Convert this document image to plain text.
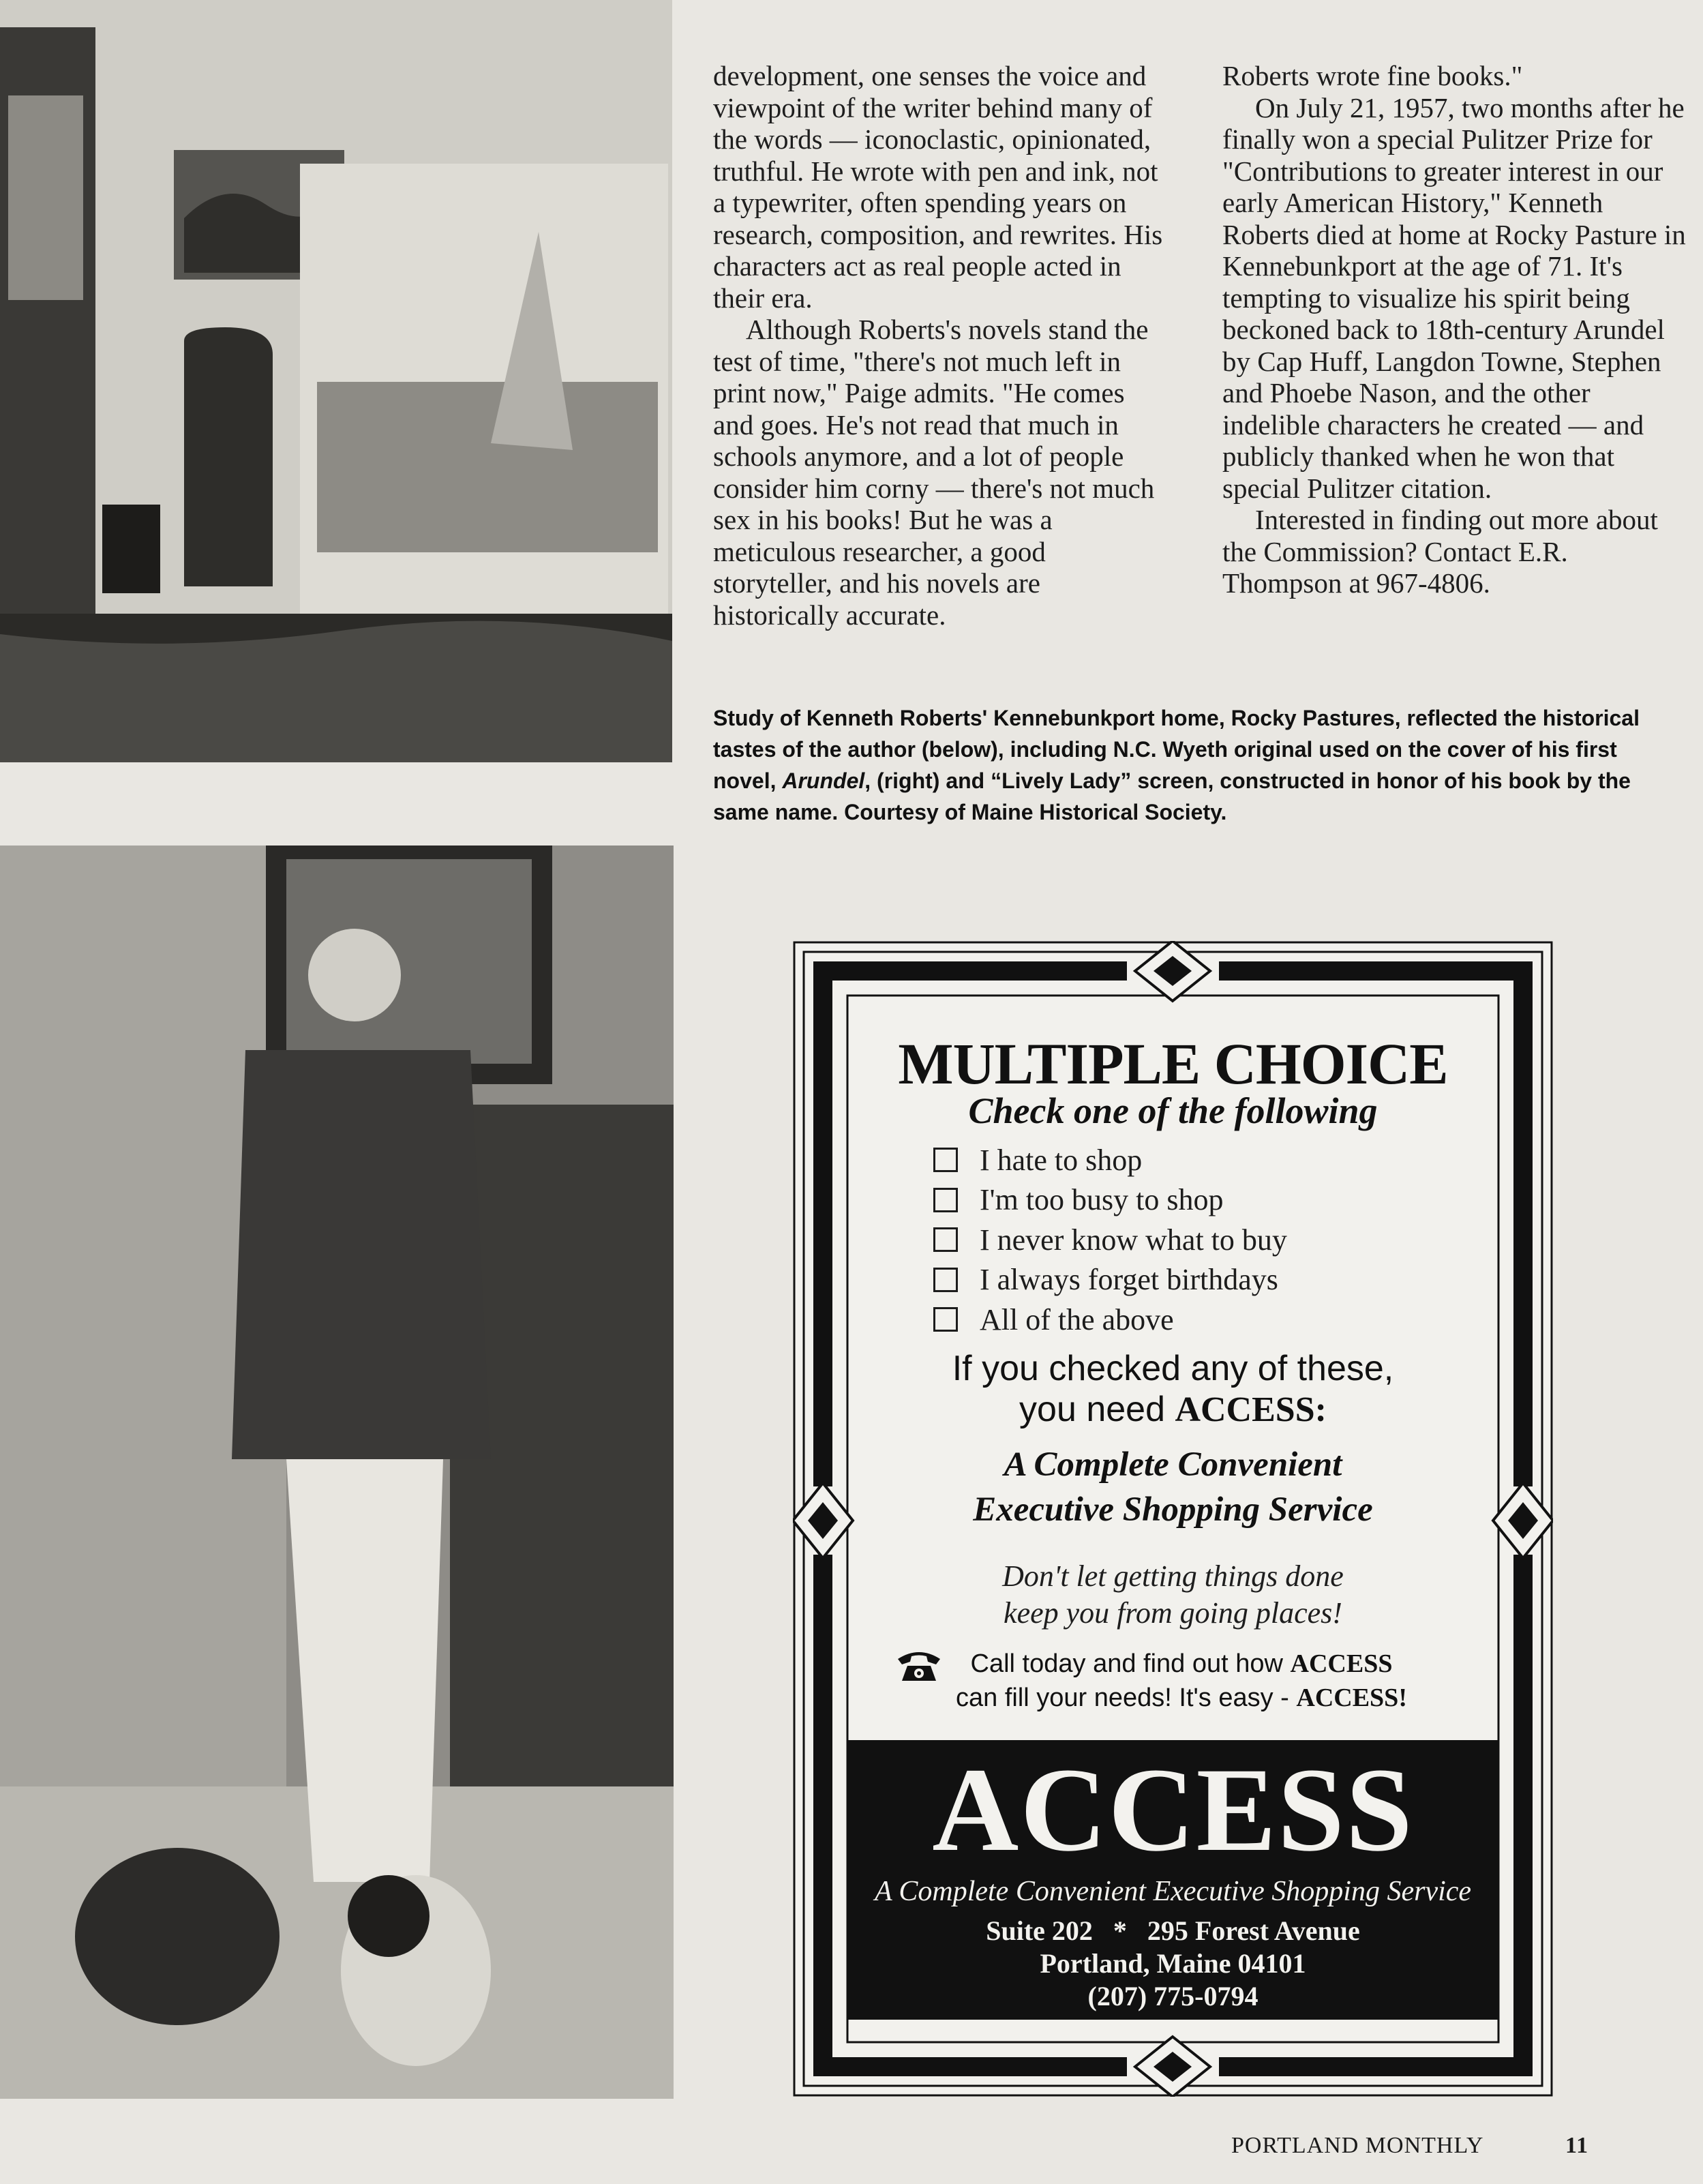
development, one senses the voice and viewpoint of the writer behind many of the words — iconoclastic, opinionated, truthful. He wrote with pen and ink, not a typewriter, often spending years on research, composition, and rewrites. His characters act as real people acted in their era.

Although Roberts's novels stand the test of time, "there's not much left in print now," Paige admits. "He comes and goes. He's not read that much in schools anymore, and a lot of people consider him corny — there's not much sex in his books! But he was a meticulous researcher, a good storyteller, and his novels are historically accurate.

Roberts wrote fine books."

On July 21, 1957, two months after he finally won a special Pulitzer Prize for "Contributions to greater interest in our early American History," Kenneth Roberts died at home at Rocky Pasture in Kennebunkport at the age of 71. It's tempting to visualize his spirit being beckoned back to 18th-century Arundel by Cap Huff, Langdon Towne, Stephen and Phoebe Nason, and the other indelible characters he created — and publicly thanked when he won that special Pulitzer citation.

Interested in finding out more about the Commission? Contact E.R. Thompson at 967-4806.

Study of Kenneth Roberts' Kennebunkport home, Rocky Pastures, reflected the historical tastes of the author (below), including N.C. Wyeth original used on the cover of his first novel, Arundel, (right) and “Lively Lady” screen, constructed in honor of his book by the same name. Courtesy of Maine Historical Society.
MULTIPLE CHOICE
Check one of the following
I hate to shop
I'm too busy to shop
I never know what to buy
I always forget birthdays
All of the above
If you checked any of these,
you need ACCESS:
A Complete Convenient
Executive Shopping Service
Don't let getting things done
keep you from going places!
Call today and find out how ACCESS
can fill your needs! It's easy - ACCESS!
ACCESS
A Complete Convenient Executive Shopping Service
Suite 202   *   295 Forest Avenue
Portland, Maine 04101
(207) 775-0794
PORTLAND MONTHLY	11
